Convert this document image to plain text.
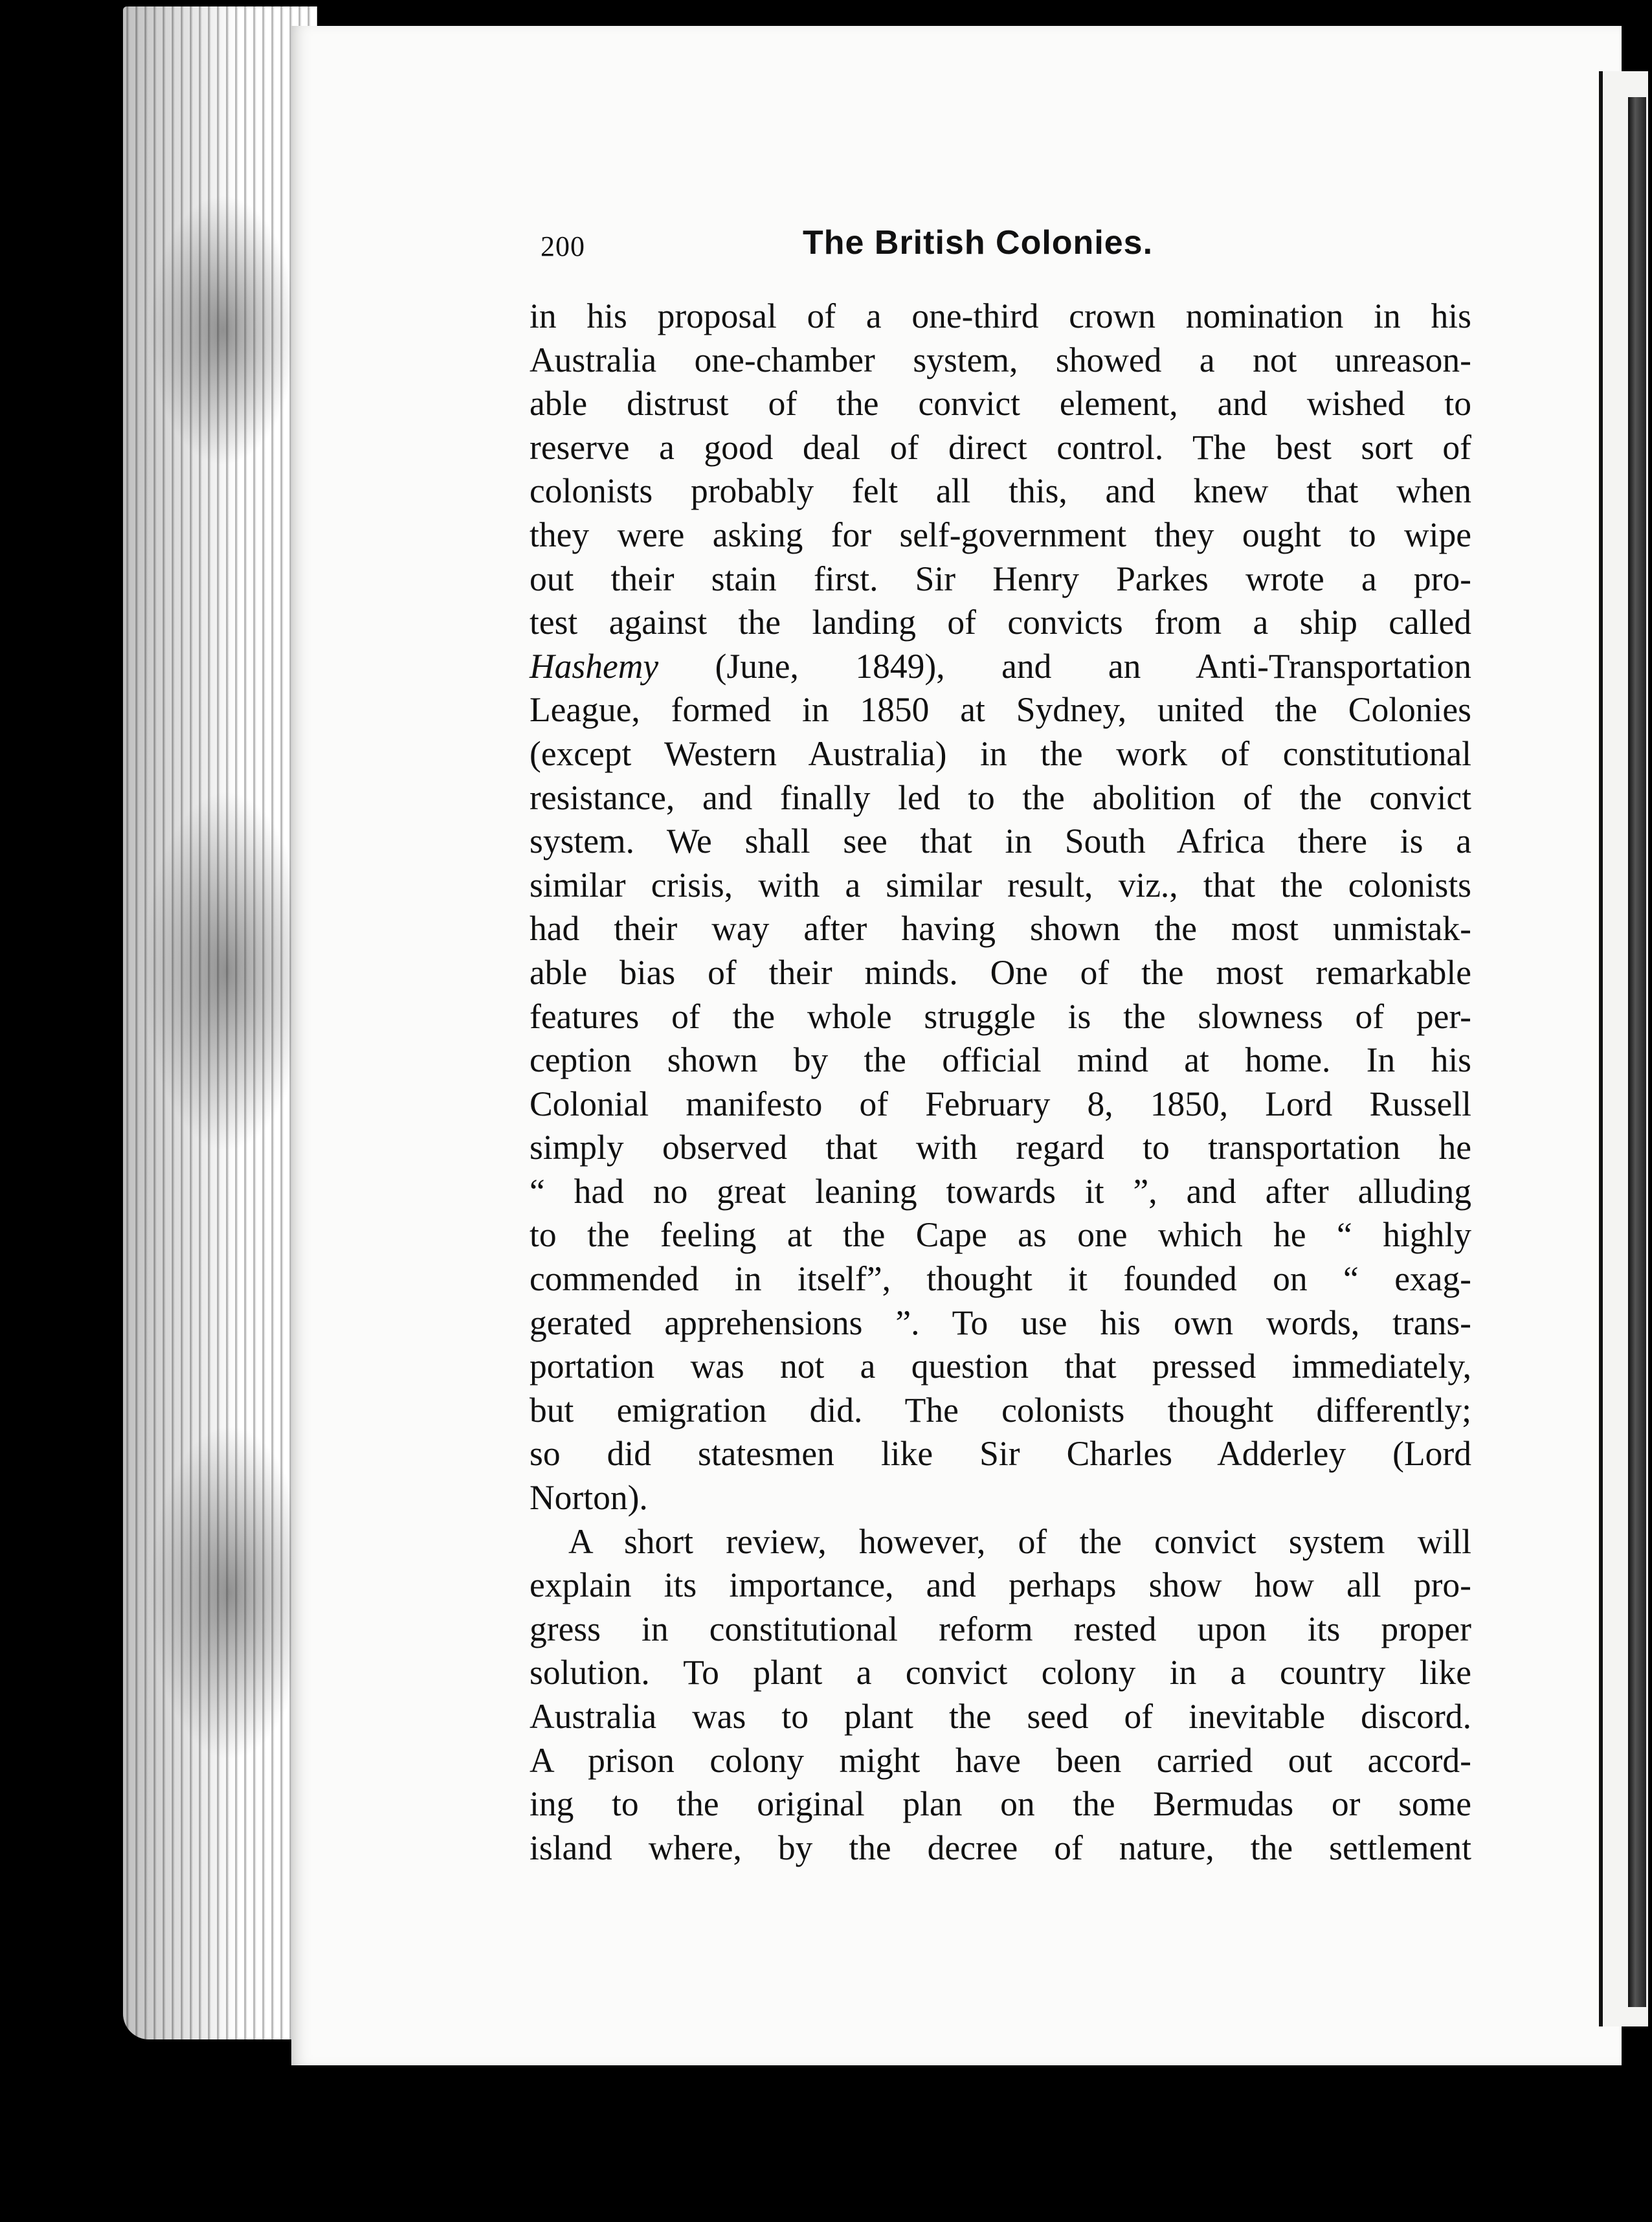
200	The British Colonies.
in his proposal of a one-third crown nomination in his
Australia one-chamber system, showed a not unreason-
able distrust of the convict element, and wished to
reserve a good deal of direct control. The best sort of
colonists probably felt all this, and knew that when
they were asking for self-government they ought to wipe
out their stain first. Sir Henry Parkes wrote a pro-
test against the landing of convicts from a ship called
Hashemy (June, 1849), and an Anti-Transportation
League, formed in 1850 at Sydney, united the Colonies
(except Western Australia) in the work of constitutional
resistance, and finally led to the abolition of the convict
system. We shall see that in South Africa there is a
similar crisis, with a similar result, viz., that the colonists
had their way after having shown the most unmistak-
able bias of their minds. One of the most remarkable
features of the whole struggle is the slowness of per-
ception shown by the official mind at home. In his
Colonial manifesto of February 8, 1850, Lord Russell
simply observed that with regard to transportation he
“ had no great leaning towards it ”, and after alluding
to the feeling at the Cape as one which he “ highly
commended in itself”, thought it founded on “ exag-
gerated apprehensions ”. To use his own words, trans-
portation was not a question that pressed immediately,
but emigration did. The colonists thought differently;
so did statesmen like Sir Charles Adderley (Lord
Norton).
A short review, however, of the convict system will
explain its importance, and perhaps show how all pro-
gress in constitutional reform rested upon its proper
solution. To plant a convict colony in a country like
Australia was to plant the seed of inevitable discord.
A prison colony might have been carried out accord-
ing to the original plan on the Bermudas or some
island where, by the decree of nature, the settlement
